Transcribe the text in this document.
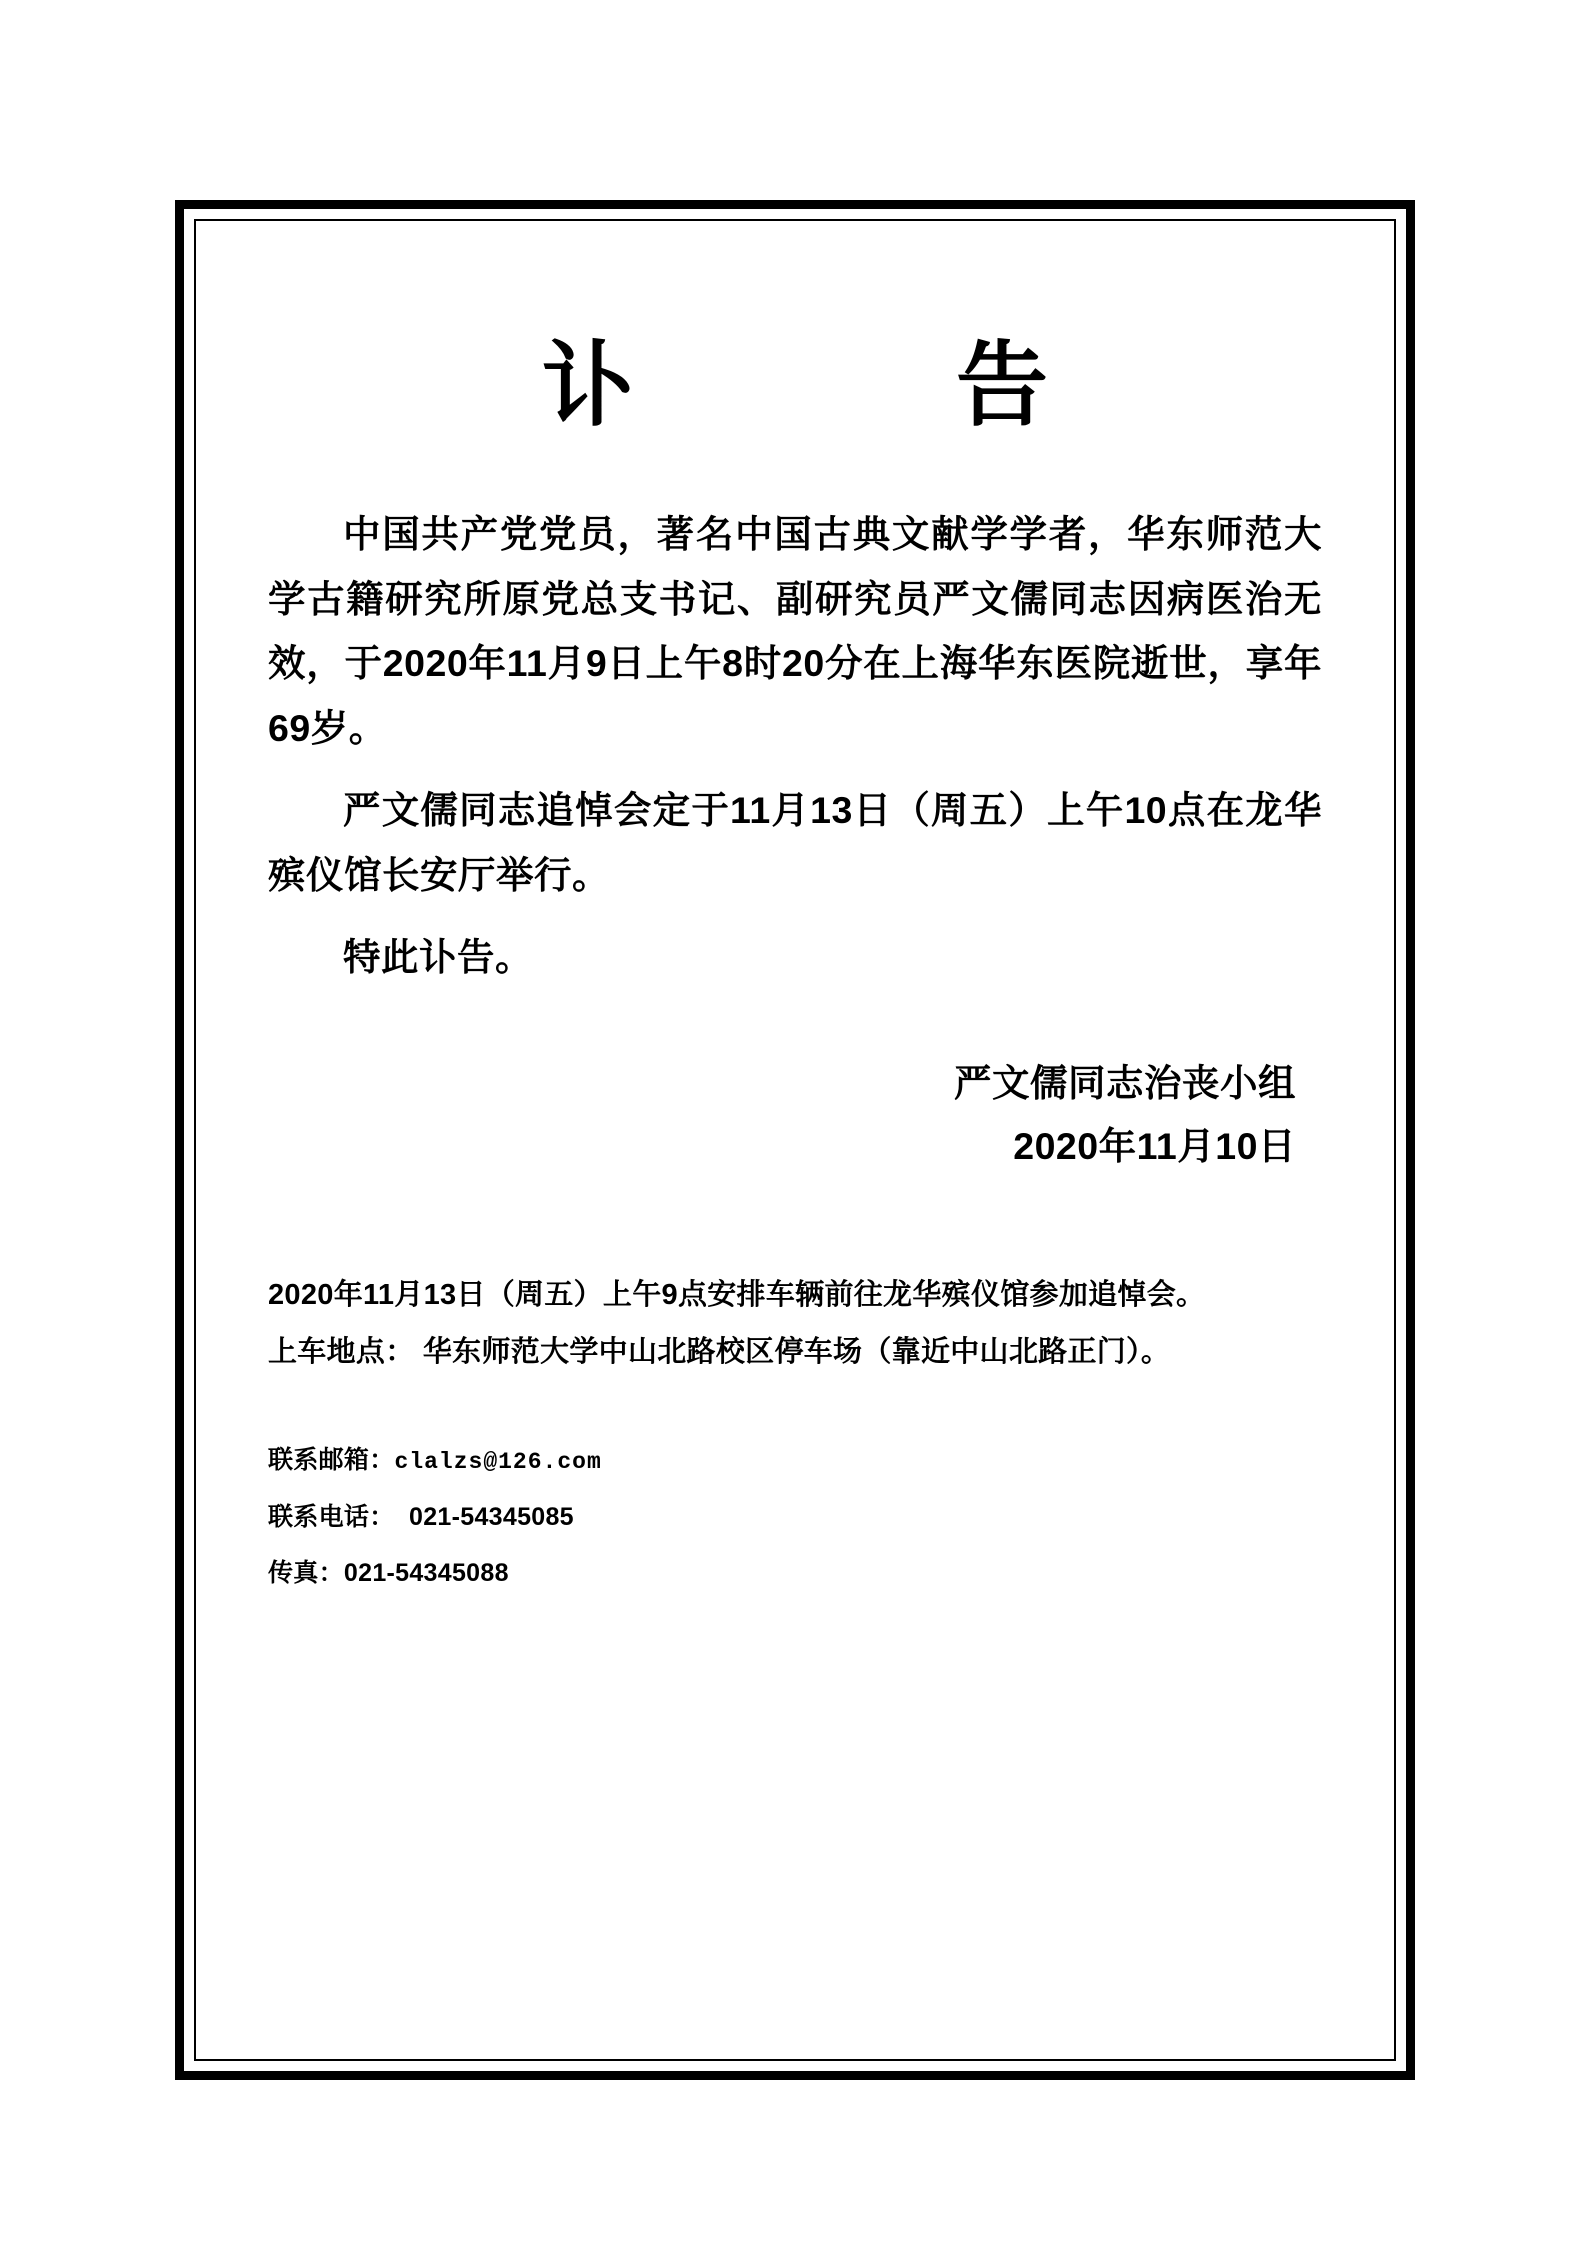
讣　　告

中国共产党党员，著名中国古典文献学学者，华东师范大学古籍研究所原党总支书记、副研究员严文儒同志因病医治无效，于2020年11月9日上午8时20分在上海华东医院逝世，享年69岁。

严文儒同志追悼会定于11月13日（周五）上午10点在龙华殡仪馆长安厅举行。

特此讣告。

严文儒同志治丧小组
2020年11月10日
2020年11月13日（周五）上午9点安排车辆前往龙华殡仪馆参加追悼会。
上车地点： 华东师范大学中山北路校区停车场（靠近中山北路正门）。
联系邮箱：clalzs@126.com
联系电话： 021-54345085
传真：021-54345088
